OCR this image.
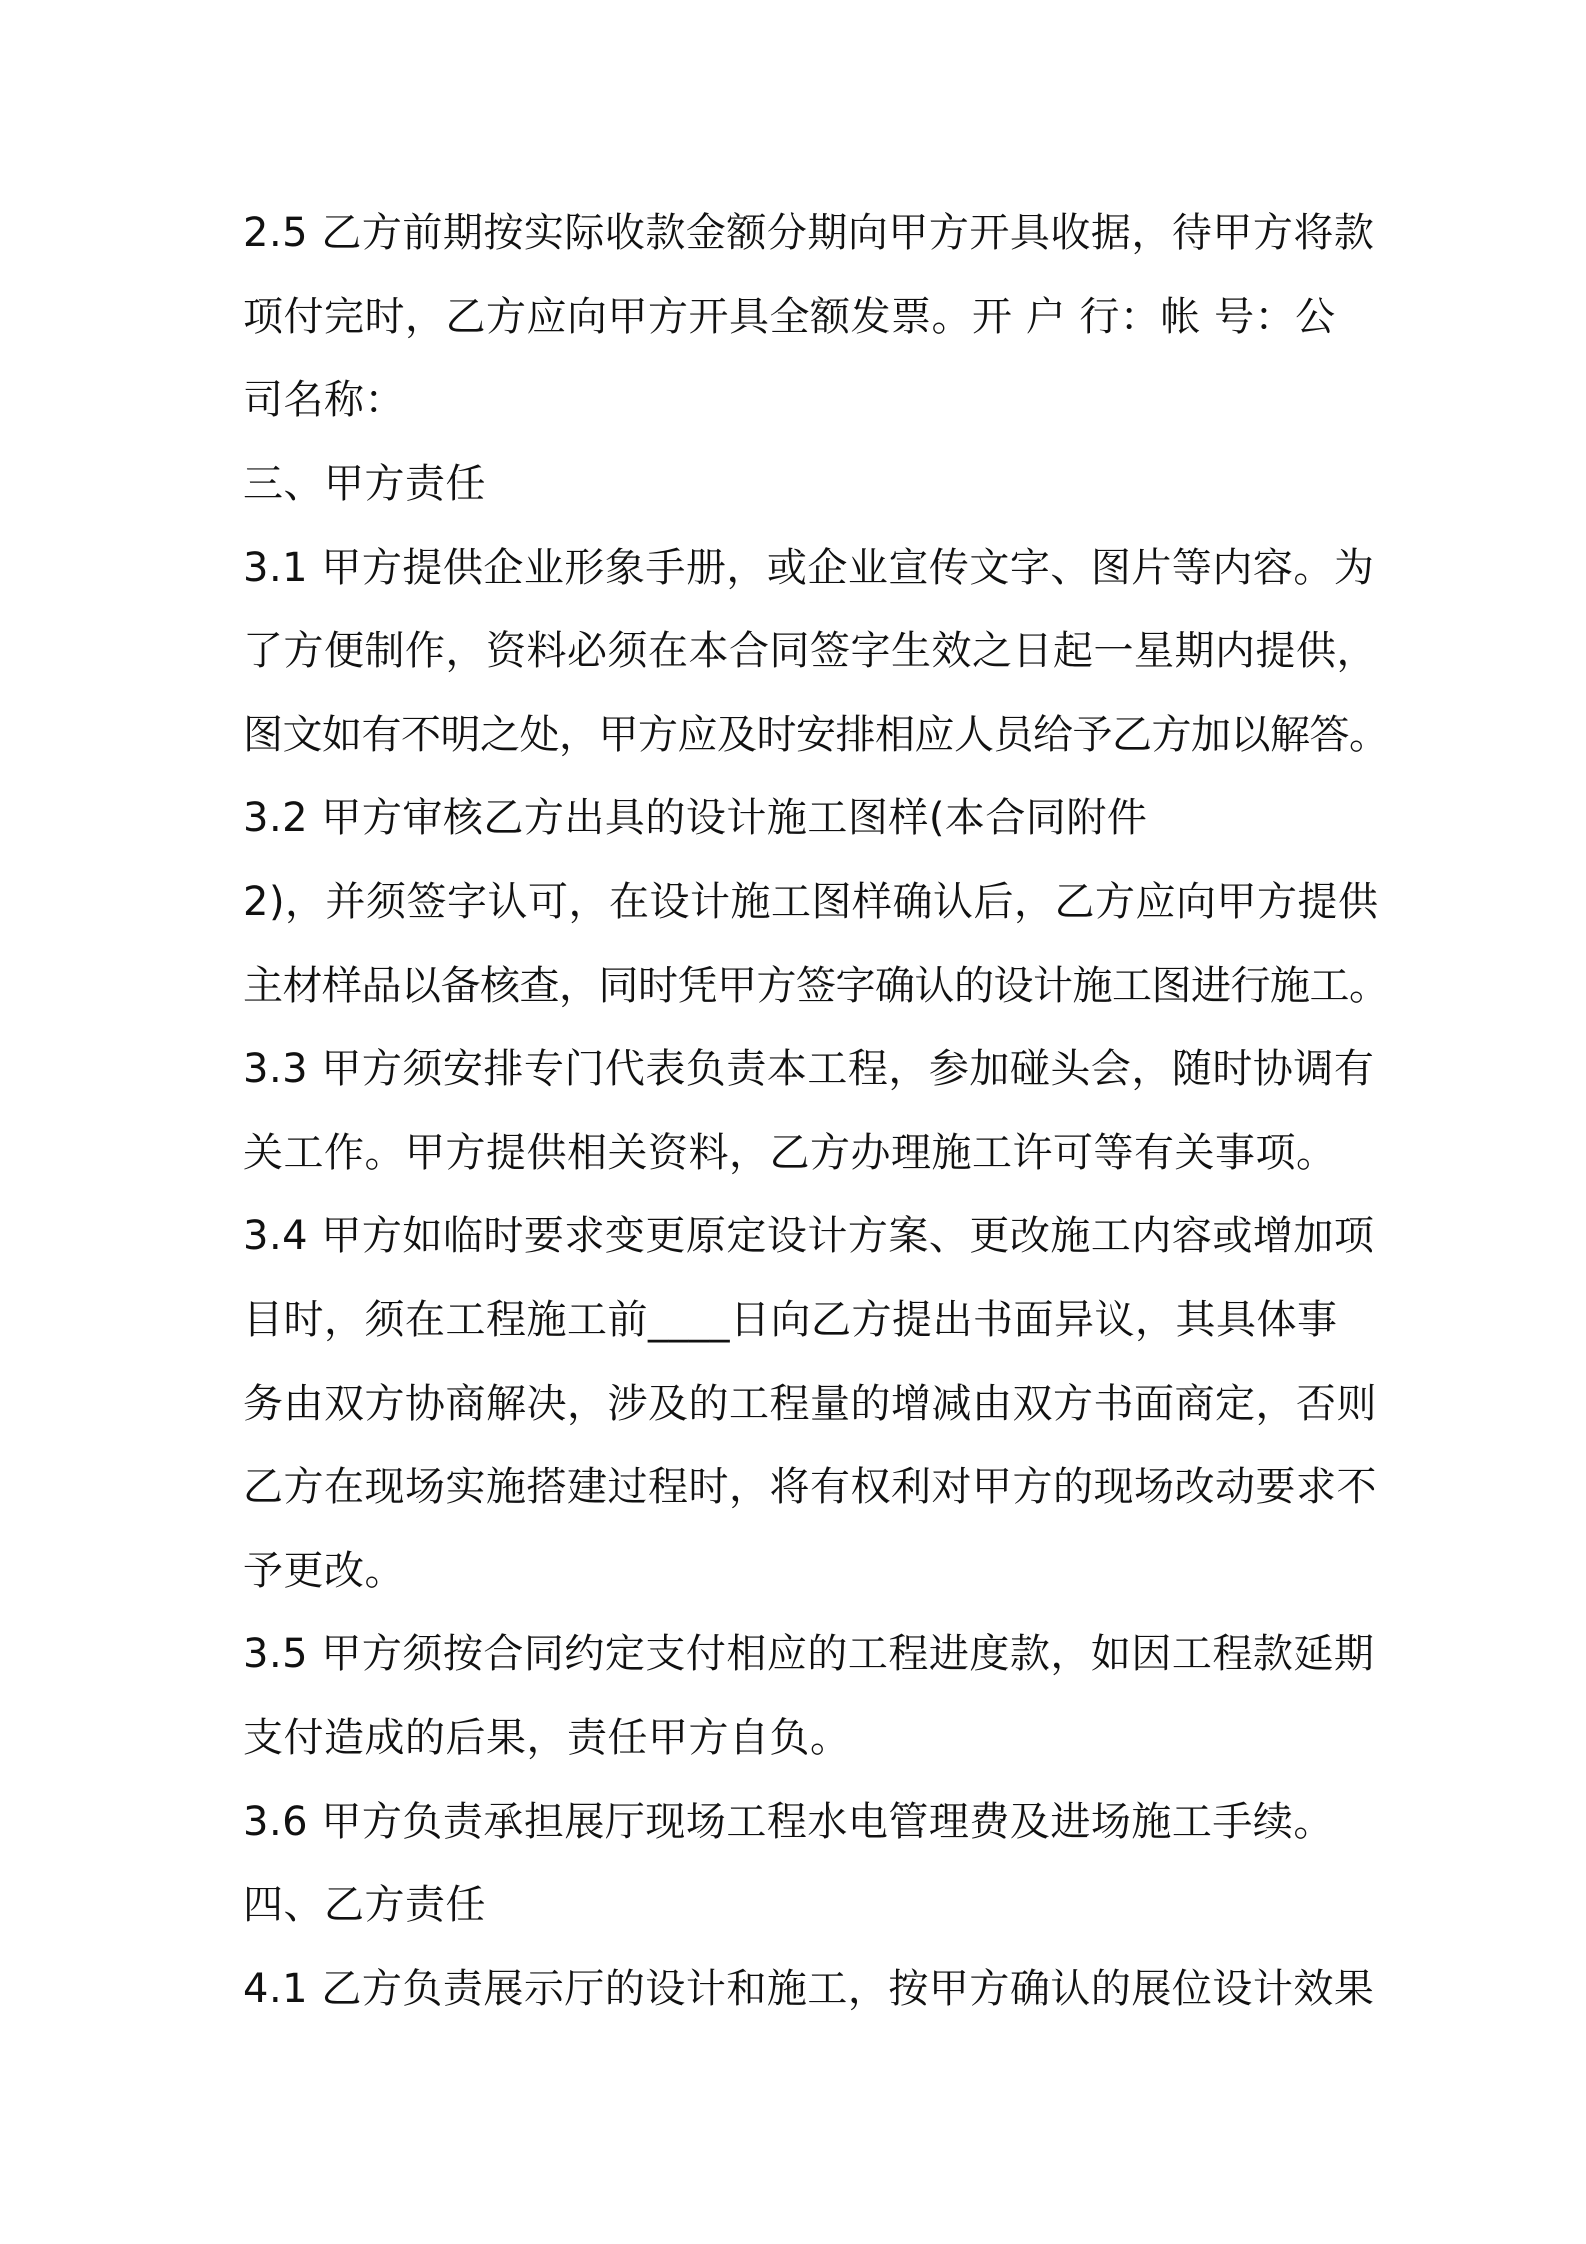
2.5 乙方前期按实际收款金额分期向甲方开具收据，待甲方将款
项付完时，乙方应向甲方开具全额发票。开 户 行：帐 号：公
司名称：
三、甲方责任
3.1 甲方提供企业形象手册，或企业宣传文字、图片等内容。为
了方便制作，资料必须在本合同签字生效之日起一星期内提供，
图文如有不明之处，甲方应及时安排相应人员给予乙方加以解答。
3.2 甲方审核乙方出具的设计施工图样(本合同附件
2)，并须签字认可，在设计施工图样确认后，乙方应向甲方提供
主材样品以备核查，同时凭甲方签字确认的设计施工图进行施工。
3.3 甲方须安排专门代表负责本工程，参加碰头会，随时协调有
关工作。甲方提供相关资料，乙方办理施工许可等有关事项。
3.4 甲方如临时要求变更原定设计方案、更改施工内容或增加项
目时，须在工程施工前____日向乙方提出书面异议，其具体事
务由双方协商解决，涉及的工程量的增减由双方书面商定，否则
乙方在现场实施搭建过程时，将有权利对甲方的现场改动要求不
予更改。
3.5 甲方须按合同约定支付相应的工程进度款，如因工程款延期
支付造成的后果，责任甲方自负。
3.6 甲方负责承担展厅现场工程水电管理费及进场施工手续。
四、乙方责任
4.1 乙方负责展示厅的设计和施工，按甲方确认的展位设计效果
